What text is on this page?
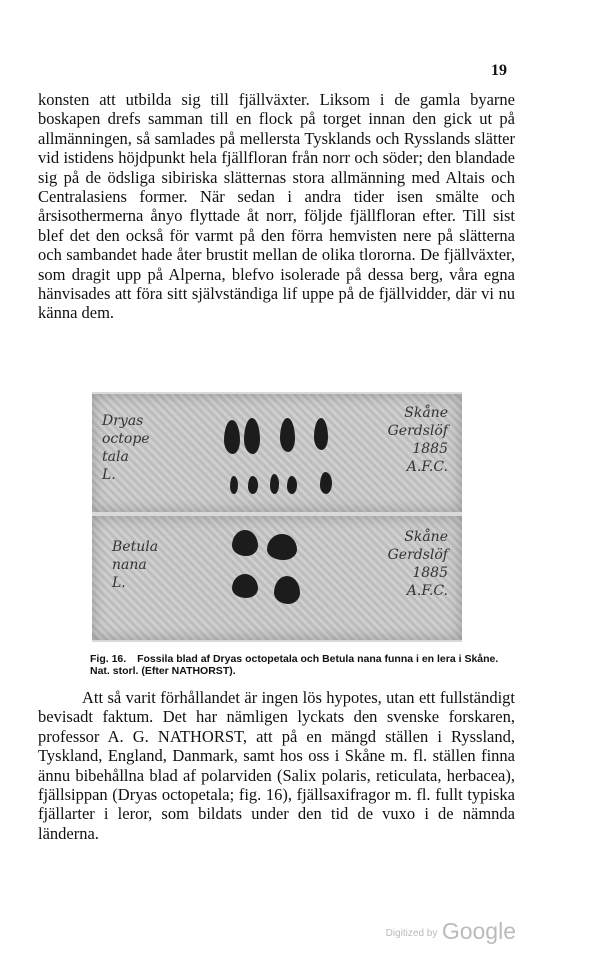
19

konsten att utbilda sig till fjällväxter. Liksom i de gamla byarne boskapen drefs samman till en flock på torget innan den gick ut på allmänningen, så samlades på mellersta Tysklands och Rysslands slätter vid istidens höjdpunkt hela fjällfloran från norr och söder; den blandade sig på de ödsliga sibiriska slätternas stora allmänning med Altais och Centralasiens former. När sedan i andra tider isen smälte och årsisothermerna ånyo flyttade åt norr, följde fjällfloran efter. Till sist blef det den också för varmt på den förra hemvisten nere på slätterna och sambandet hade åter brustit mellan de olika tlororna. De fjällväxter, som dragit upp på Alperna, blefvo isolerade på dessa berg, våra egna hänvisades att föra sitt självständiga lif uppe på de fjällvidder, där vi nu känna dem.

Dryas
octope
tala
L.
Skåne
Gerdslöf
1885
A.F.C.
Betula
nana
L.
Skåne
Gerdslöf
1885
A.F.C.
Fig. 16. Fossila blad af Dryas octopetala och Betula nana funna i en lera i Skåne. Nat. storl. (Efter NATHORST).

Att så varit förhållandet är ingen lös hypotes, utan ett fullständigt bevisadt faktum. Det har nämligen lyckats den svenske forskaren, professor A. G. NATHORST, att på en mängd ställen i Ryssland, Tyskland, England, Danmark, samt hos oss i Skåne m. fl. ställen finna ännu bibehållna blad af polarviden (Salix polaris, reticulata, herbacea), fjällsippan (Dryas octopetala; fig. 16), fjällsaxifragor m. fl. fullt typiska fjällarter i leror, som bildats under den tid de vuxo i de nämnda länderna.

Digitized by Google
